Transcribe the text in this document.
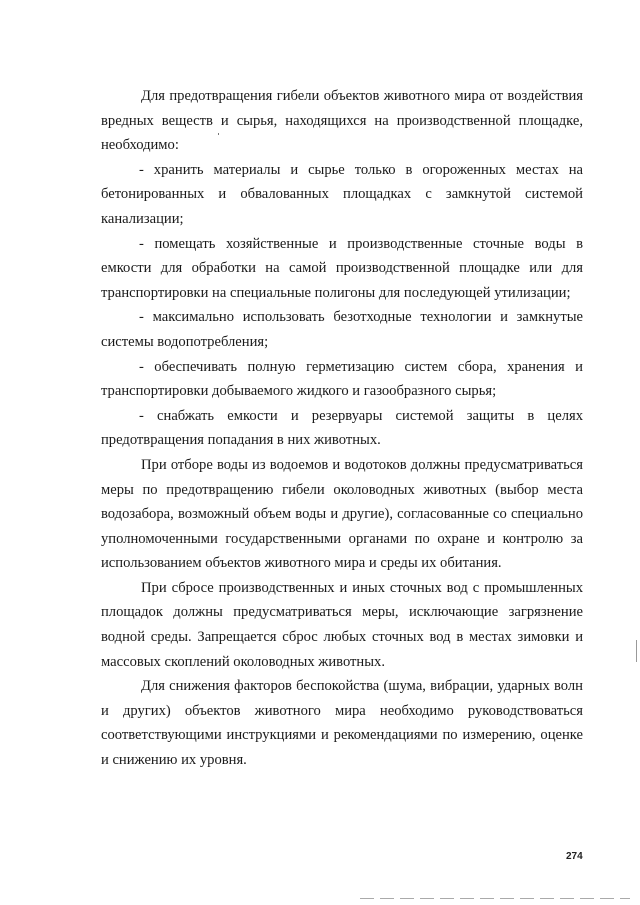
Для предотвращения гибели объектов животного мира от воздействия вредных веществ и сырья, находящихся на производственной площадке, необходимо:

- хранить материалы и сырье только в огороженных местах на бетонированных и обвалованных площадках с замкнутой системой канализации;

- помещать хозяйственные и производственные сточные воды в емкости для обработки на самой производственной площадке или для транспортировки на специальные полигоны для последующей утилизации;

- максимально использовать безотходные технологии и замкнутые системы водопотребления;

- обеспечивать полную герметизацию систем сбора, хранения и транспортировки добываемого жидкого и газообразного сырья;

- снабжать емкости и резервуары системой защиты в целях предотвращения попадания в них животных.

При отборе воды из водоемов и водотоков должны предусматриваться меры по предотвращению гибели околоводных животных (выбор места водозабора, возможный объем воды и другие), согласованные со специально уполномоченными государственными органами по охране и контролю за использованием объектов животного мира и среды их обитания.

При сбросе производственных и иных сточных вод с промышленных площадок должны предусматриваться меры, исключающие загрязнение водной среды. Запрещается сброс любых сточных вод в местах зимовки и массовых скоплений околоводных животных.

Для снижения факторов беспокойства (шума, вибрации, ударных волн и других) объектов животного мира необходимо руководствоваться соответствующими инструкциями и рекомендациями по измерению, оценке и снижению их уровня.

274
